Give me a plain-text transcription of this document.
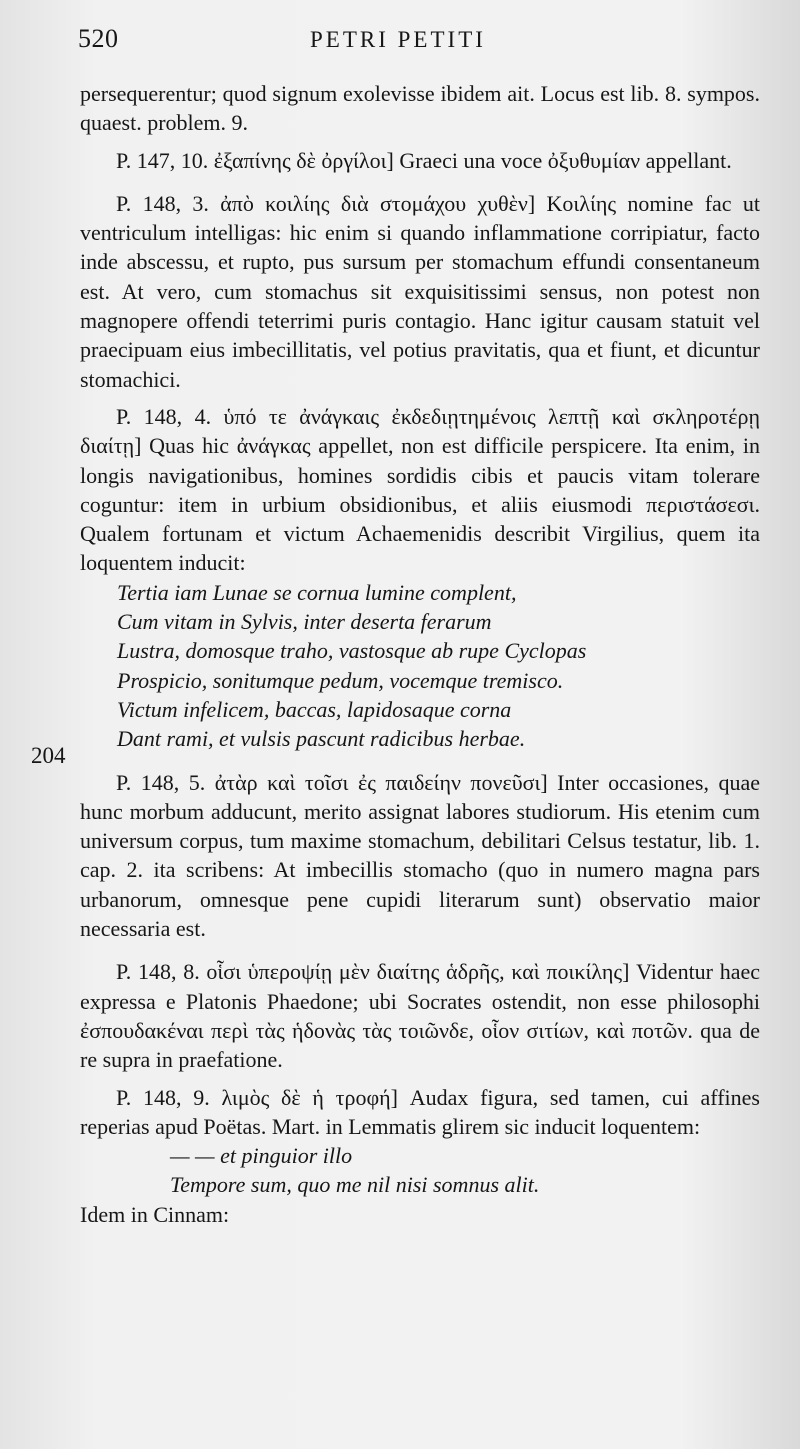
520	PETRI PETITI
204

persequerentur; quod signum exolevisse ibidem ait. Locus est lib. 8. sympos. quaest. problem. 9.

P. 147, 10. ἐξαπίνης δὲ ὀργίλοι] Graeci una voce ὀξυθυμίαν appellant.

P. 148, 3. ἀπὸ κοιλίης διὰ στομάχου χυθὲν] Κοιλίης nomine fac ut ventriculum intelligas: hic enim si quando inflammatione corripiatur, facto inde abscessu, et rupto, pus sursum per stomachum effundi consentaneum est. At vero, cum stomachus sit exquisitissimi sensus, non potest non magnopere offendi teterrimi puris contagio. Hanc igitur causam statuit vel praecipuam eius imbecillitatis, vel potius pravitatis, qua et fiunt, et dicuntur stomachici.

P. 148, 4. ὑπό τε ἀνάγκαις ἐκδεδιῃτημένοις λεπτῇ καὶ σκληροτέρῃ διαίτῃ] Quas hic ἀνάγκας appellet, non est difficile perspicere. Ita enim, in longis navigationibus, homines sordidis cibis et paucis vitam tolerare coguntur: item in urbium obsidionibus, et aliis eiusmodi περιστάσεσι. Qualem fortunam et victum Achaemenidis describit Virgilius, quem ita loquentem inducit:

Tertia iam Lunae se cornua lumine complent,
Cum vitam in Sylvis, inter deserta ferarum
Lustra, domosque traho, vastosque ab rupe Cyclopas
Prospicio, sonitumque pedum, vocemque tremisco.
Victum infelicem, baccas, lapidosaque corna
Dant rami, et vulsis pascunt radicibus herbae.

P. 148, 5. ἀτὰρ καὶ τοῖσι ἐς παιδείην πονεῦσι] Inter occasiones, quae hunc morbum adducunt, merito assignat labores studiorum. His etenim cum universum corpus, tum maxime stomachum, debilitari Celsus testatur, lib. 1. cap. 2. ita scribens: At imbecillis stomacho (quo in numero magna pars urbanorum, omnesque pene cupidi literarum sunt) observatio maior necessaria est.

P. 148, 8. οἷσι ὑπεροψίῃ μὲν διαίτης ἁδρῆς, καὶ ποικίλης] Videntur haec expressa e Platonis Phaedone; ubi Socrates ostendit, non esse philosophi ἐσπουδακέναι περὶ τὰς ἡδονὰς τὰς τοιῶνδε, οἷον σιτίων, καὶ ποτῶν. qua de re supra in praefatione.

P. 148, 9. λιμὸς δὲ ἡ τροφή] Audax figura, sed tamen, cui affines reperias apud Poëtas. Mart. in Lemmatis glirem sic inducit loquentem:

— — et pinguior illo
Tempore sum, quo me nil nisi somnus alit.

Idem in Cinnam:
